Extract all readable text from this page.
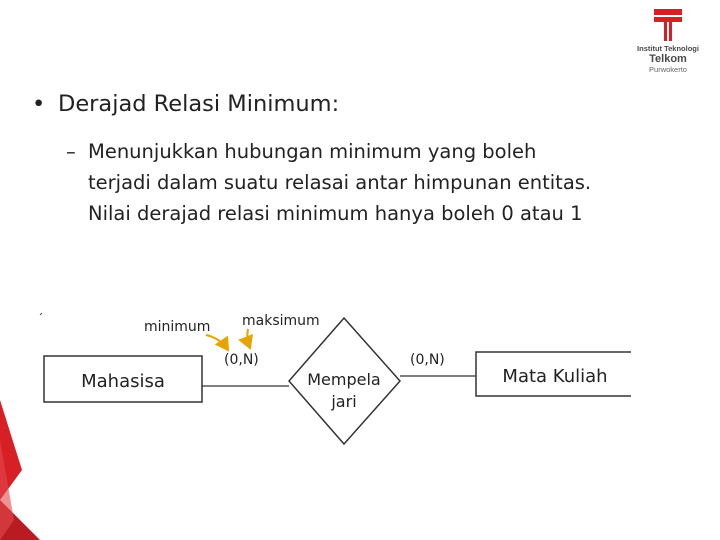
Institut Teknologi
Telkom
Purwokerto
• Derajad Relasi Minimum:
– Menunjukkan hubungan minimum yang boleh
terjadi dalam suatu relasai antar himpunan entitas.
Nilai derajad relasi minimum hanya boleh 0 atau 1
Mahasisa	Mempela
jari
Mata Kuliah
(0,N)	(0,N)
minimum maksimum
